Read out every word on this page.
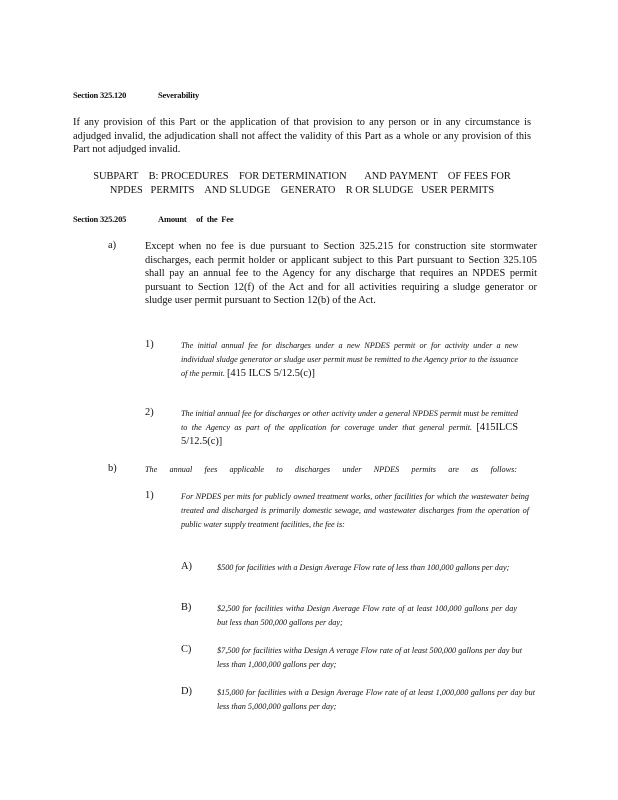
Section 325.120	Severability
If any provision of this Part or the application of that provision to any person or in any circumstance is adjudged invalid, the adjudication shall not affect the validity of this Part as a whole or any provision of this Part not adjudged invalid.
SUBPART    B: PROCEDURES    FOR DETERMINATION       AND PAYMENT    OF FEES FOR
NPDES   PERMITS    AND SLUDGE    GENERATO    R OR SLUDGE   USER PERMITS
Section 325.205	Amount     of  the  Fee
a)	Except when no fee is due pursuant to Section 325.215 for construction site stormwater discharges, each permit holder or applicant subject to this Part pursuant to Section 325.105 shall pay an annual fee to the Agency for any discharge that requires an NPDES permit pursuant to Section 12(f) of the Act and for all activities requiring a sludge generator or sludge user permit pursuant to Section 12(b) of the Act.
1)	The initial annual fee for discharges under a new NPDES permit or for activity under a new individual sludge generator or sludge user permit must be remitted to the Agency prior to the issuance of the permit. [415 ILCS 5/12.5(c)]
2)	The initial annual fee for discharges or other activity under a general NPDES permit must be remitted to the Agency as part of the application for coverage under that general permit. [415ILCS 5/12.5(c)]
b)	The annual fees applicable to discharges under NPDES permits are as follows:
1)	For NPDES per mits for publicly owned treatment works, other facilities for which the wastewater being treated and discharged is primarily domestic sewage, and wastewater discharges from the operation of public water supply treatment facilities, the fee is:
A)	$500 for facilities with a Design Average Flow rate of less than 100,000 gallons per day;
B)	$2,500 for facilities witha Design Average Flow rate of at least 100,000 gallons per day but less than 500,000 gallons per day;
C)	$7,500 for facilities witha Design A verage Flow rate of at least 500,000 gallons per day but less than 1,000,000 gallons per day;
D)	$15,000 for facilities with a Design Average Flow rate of at least 1,000,000 gallons per day but less than 5,000,000 gallons per day;
